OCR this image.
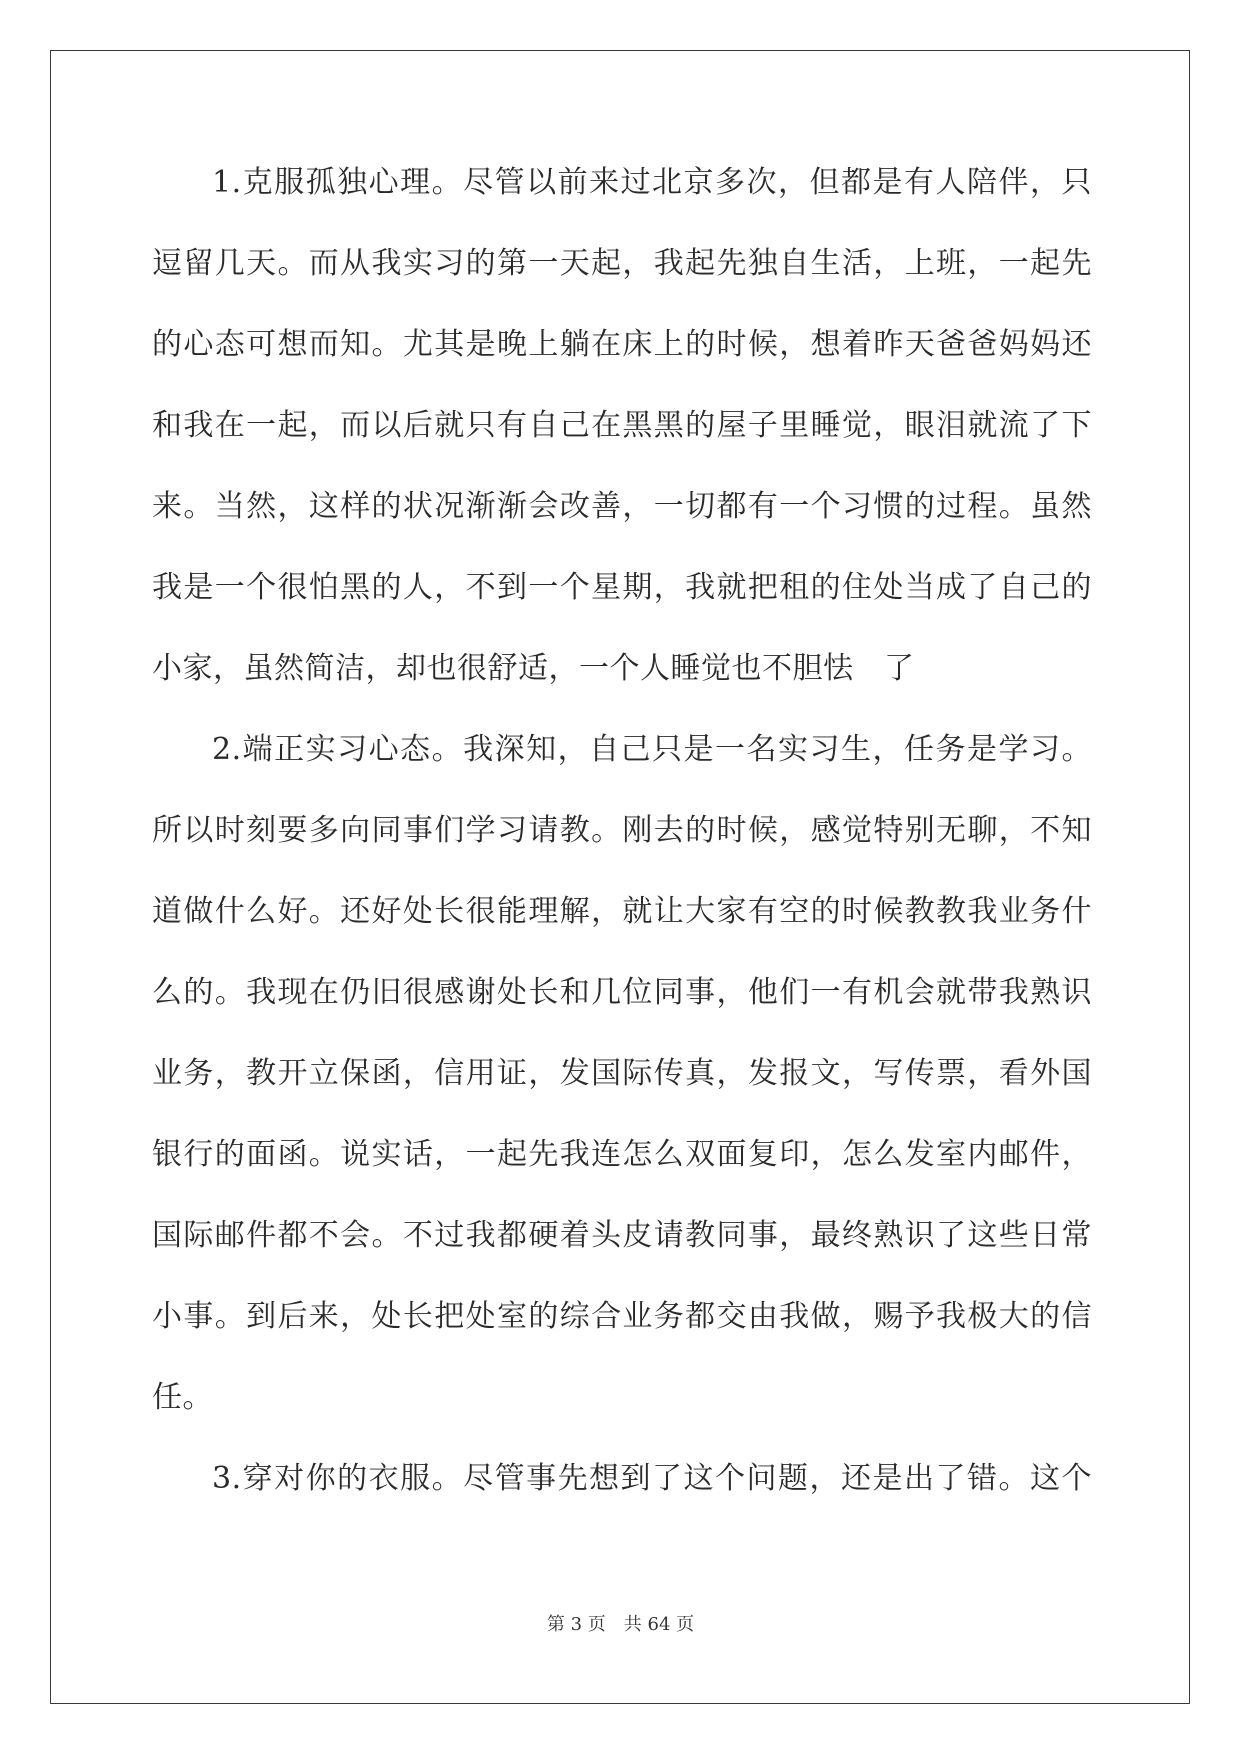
1.克服孤独心理。尽管以前来过北京多次，但都是有人陪伴，只
逗留几天。而从我实习的第一天起，我起先独自生活，上班，一起先
的心态可想而知。尤其是晚上躺在床上的时候，想着昨天爸爸妈妈还
和我在一起，而以后就只有自己在黑黑的屋子里睡觉，眼泪就流了下
来。当然，这样的状况渐渐会改善，一切都有一个习惯的过程。虽然
我是一个很怕黑的人，不到一个星期，我就把租的住处当成了自己的
小家，虽然简洁，却也很舒适，一个人睡觉也不胆怯　了
2.端正实习心态。我深知，自己只是一名实习生，任务是学习。
所以时刻要多向同事们学习请教。刚去的时候，感觉特别无聊，不知
道做什么好。还好处长很能理解，就让大家有空的时候教教我业务什
么的。我现在仍旧很感谢处长和几位同事，他们一有机会就带我熟识
业务，教开立保函，信用证，发国际传真，发报文，写传票，看外国
银行的面函。说实话，一起先我连怎么双面复印，怎么发室内邮件，
国际邮件都不会。不过我都硬着头皮请教同事，最终熟识了这些日常
小事。到后来，处长把处室的综合业务都交由我做，赐予我极大的信
任。
3.穿对你的衣服。尽管事先想到了这个问题，还是出了错。这个
第 3 页　共 64 页
